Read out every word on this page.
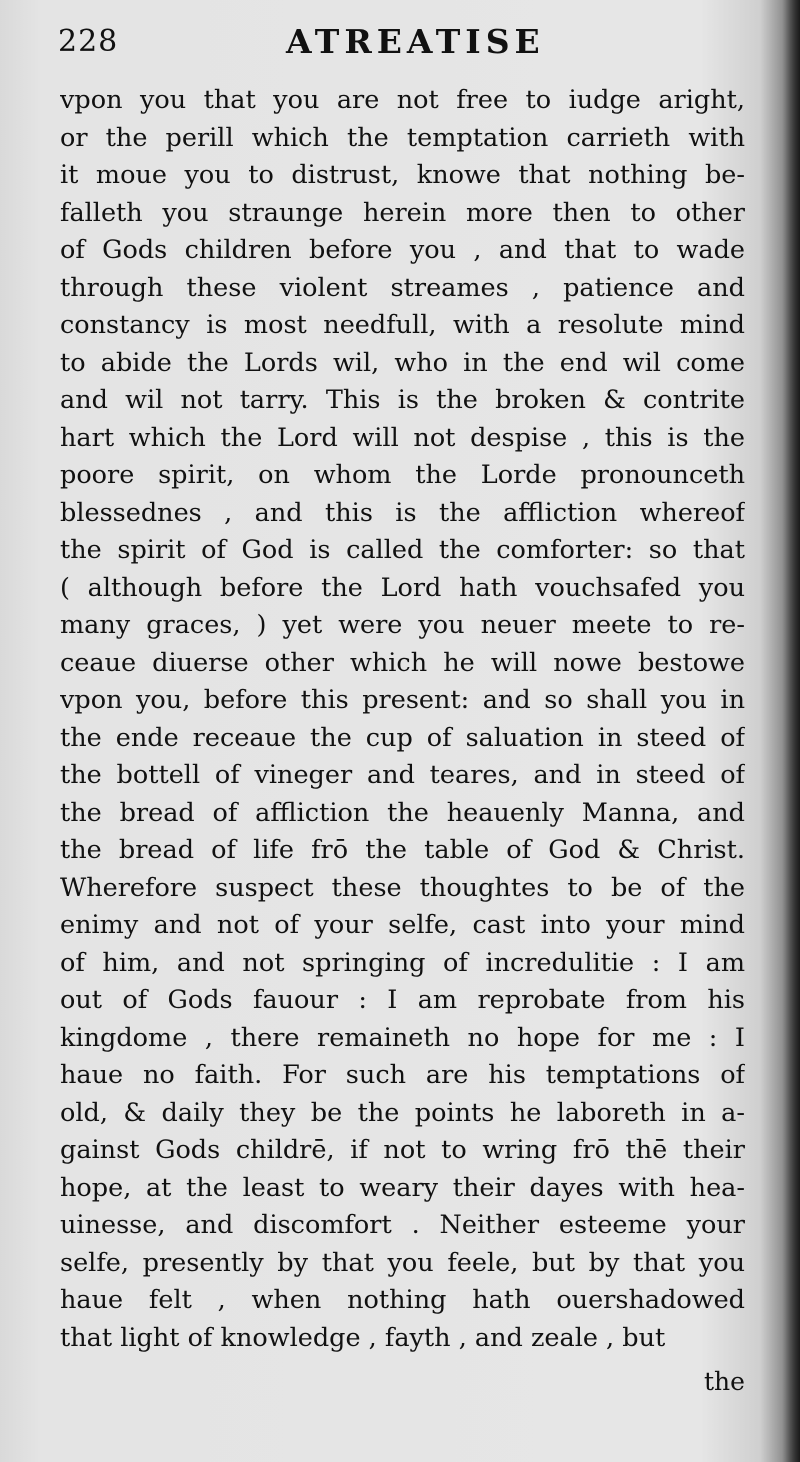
228	ATREATISE
vpon you that you are not free to iudge aright,
or the perill which the temptation carrieth with
it moue you to distrust, knowe that nothing be-
falleth you straunge herein more then to other
of Gods children before you , and that to wade
through these violent streames , patience and
constancy is most needfull, with a resolute mind
to abide the Lords wil, who in the end wil come
and wil not tarry. This is the broken & contrite
hart which the Lord will not despise , this is the
poore spirit, on whom the Lorde pronounceth
blessednes , and this is the affliction whereof
the spirit of God is called the comforter: so that
( although before the Lord hath vouchsafed you
many graces, ) yet were you neuer meete to re-
ceaue diuerse other which he will nowe bestowe
vpon you, before this present: and so shall you in
the ende receaue the cup of saluation in steed of
the bottell of vineger and teares, and in steed of
the bread of affliction the heauenly Manna, and
the bread of life frō the table of God & Christ.
Wherefore suspect these thoughtes to be of the
enimy and not of your selfe, cast into your mind
of him, and not springing of incredulitie : I am
out of Gods fauour : I am reprobate from his
kingdome , there remaineth no hope for me : I
haue no faith. For such are his temptations of
old, & daily they be the points he laboreth in a-
gainst Gods childrē, if not to wring frō thē their
hope, at the least to weary their dayes with hea-
uinesse, and discomfort . Neither esteeme your
selfe, presently by that you feele, but by that you
haue felt , when nothing hath ouershadowed
that light of knowledge , fayth , and zeale , but
the
